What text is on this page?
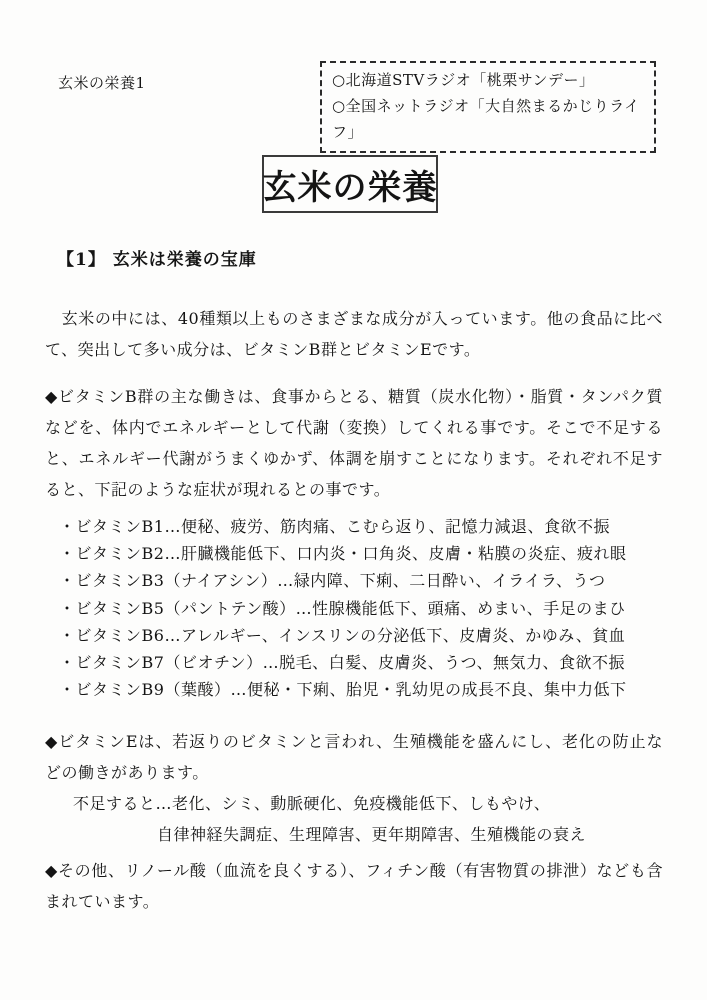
玄米の栄養1	○北海道STVラジオ「桃栗サンデー」
○全国ネットラジオ「大自然まるかじりライフ」
玄米の栄養
【1】 玄米は栄養の宝庫
　玄米の中には、40種類以上ものさまざまな成分が入っています。他の食品に比べて、突出して多い成分は、ビタミンB群とビタミンEです。
◆ビタミンB群の主な働きは、食事からとる、糖質（炭水化物）・脂質・タンパク質などを、体内でエネルギーとして代謝（変換）してくれる事です。そこで不足すると、エネルギー代謝がうまくゆかず、体調を崩すことになります。それぞれ不足すると、下記のような症状が現れるとの事です。
・ビタミンB1…便秘、疲労、筋肉痛、こむら返り、記憶力減退、食欲不振
・ビタミンB2…肝臓機能低下、口内炎・口角炎、皮膚・粘膜の炎症、疲れ眼
・ビタミンB3（ナイアシン）…緑内障、下痢、二日酔い、イライラ、うつ
・ビタミンB5（パントテン酸）…性腺機能低下、頭痛、めまい、手足のまひ
・ビタミンB6…アレルギー、インスリンの分泌低下、皮膚炎、かゆみ、貧血
・ビタミンB7（ビオチン）…脱毛、白髪、皮膚炎、うつ、無気力、食欲不振
・ビタミンB9（葉酸）…便秘・下痢、胎児・乳幼児の成長不良、集中力低下
◆ビタミンEは、若返りのビタミンと言われ、生殖機能を盛んにし、老化の防止などの働きがあります。
不足すると…老化、シミ、動脈硬化、免疫機能低下、しもやけ、
自律神経失調症、生理障害、更年期障害、生殖機能の衰え
◆その他、リノール酸（血流を良くする）、フィチン酸（有害物質の排泄）なども含まれています。
